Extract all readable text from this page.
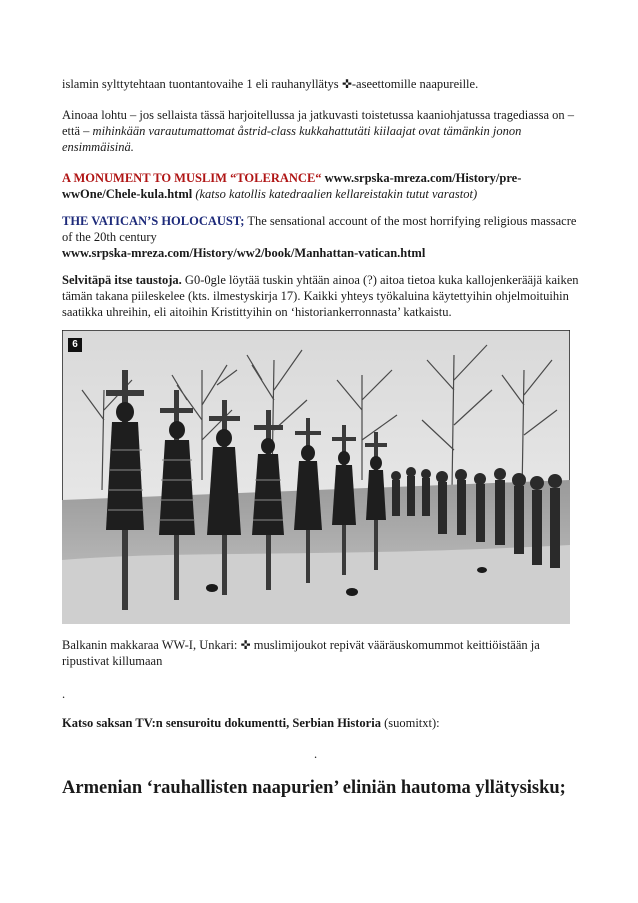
islamin sylttytehtaan tuontantovaihe 1 eli rauhanyllätys ✜-aseettomille naapureille.

Ainoaa lohtu – jos sellaista tässä harjoitellussa ja jatkuvasti toistetussa kaaniohjatussa tragediassa on – että – mihinkään varautumattomat åstrid-class kukkahattutäti kiilaajat ovat tämänkin jonon ensimmäisinä.

A MONUMENT TO MUSLIM “TOLERANCE“ www.srpska-mreza.com/History/pre-wwOne/Chele-kula.html (katso katollis katedraalien kellareistakin tutut varastot)

THE VATICAN’S HOLOCAUST; The sensational account of the most horrifying religious massacre of the 20th century
www.srpska-mreza.com/History/ww2/book/Manhattan-vatican.html

Selvitäpä itse taustoja. G0-0gle löytää tuskin yhtään ainoa (?) aitoa tietoa kuka kallojenkerääjä kaiken tämän takana piileskelee (kts. ilmestyskirja 17). Kaikki yhteys työkaluina käytettyihin ohjelmoituihin saatikka uhreihin, eli aitoihin Kristittyihin on ‘historiankerronnasta’ katkaistu.

6

Balkanin makkaraa WW-I, Unkari: ✜ muslimijoukot repivät vääräuskomummot keittiöistään ja ripustivat killumaan

.

Katso saksan TV:n sensuroitu dokumentti, Serbian Historia (suomitxt):

.

Armenian ‘rauhallisten naapurien’ eliniän hautoma yllätysisku;
